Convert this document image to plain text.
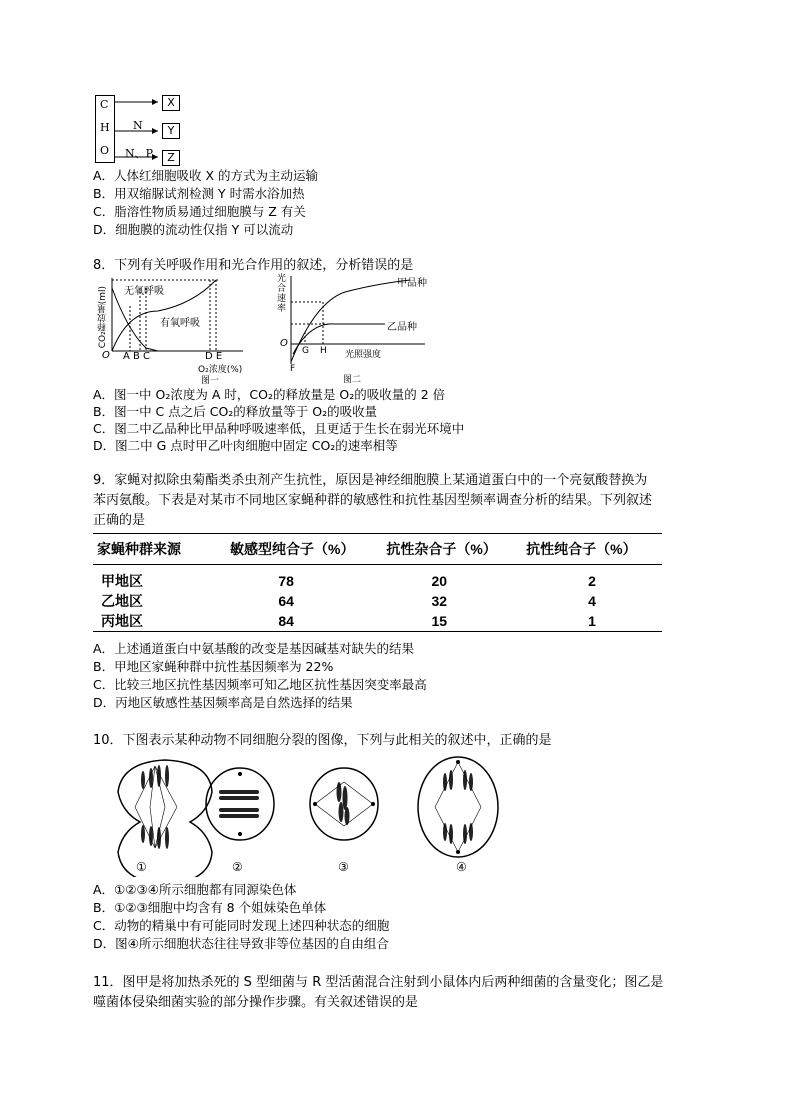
C
H
O
N
N、P
X
Y
Z
A．人体红细胞吸收 X 的方式为主动运输
B．用双缩脲试剂检测 Y 时需水浴加热
C．脂溶性物质易通过细胞膜与 Z 有关
D．细胞膜的流动性仅指 Y 可以流动
8．下列有关呼吸作用和光合作用的叙述，分析错误的是
CO₂释放量(ml) 无氧呼吸
有氧呼吸
O A B C	D E
O₂浓度(%)
图一
光合速率
甲品种
乙品种
O
F
G H 光照强度
图二
A．图一中 O₂浓度为 A 时，CO₂的释放量是 O₂的吸收量的 2 倍
B．图一中 C 点之后 CO₂的释放量等于 O₂的吸收量
C．图二中乙品种比甲品种呼吸速率低，且更适于生长在弱光环境中
D．图二中 G 点时甲乙叶肉细胞中固定 CO₂的速率相等
9．家蝇对拟除虫菊酯类杀虫剂产生抗性，原因是神经细胞膜上某通道蛋白中的一个亮氨酸替换为
苯丙氨酸。下表是对某市不同地区家蝇种群的敏感性和抗性基因型频率调查分析的结果。下列叙述
正确的是
家蝇种群来源	敏感型纯合子（%）	抗性杂合子（%）	抗性纯合子（%）
甲地区	78	20	2
乙地区	64	32	4
丙地区	84	15	1
A．上述通道蛋白中氨基酸的改变是基因碱基对缺失的结果
B．甲地区家蝇种群中抗性基因频率为 22%
C．比较三地区抗性基因频率可知乙地区抗性基因突变率最高
D．丙地区敏感性基因频率高是自然选择的结果
10．下图表示某种动物不同细胞分裂的图像，下列与此相关的叙述中，正确的是
①	②	③	④
A．①②③④所示细胞都有同源染色体
B．①②③细胞中均含有 8 个姐妹染色单体
C．动物的精巢中有可能同时发现上述四种状态的细胞
D．图④所示细胞状态往往导致非等位基因的自由组合
11．图甲是将加热杀死的 S 型细菌与 R 型活菌混合注射到小鼠体内后两种细菌的含量变化；图乙是
噬菌体侵染细菌实验的部分操作步骤。有关叙述错误的是
